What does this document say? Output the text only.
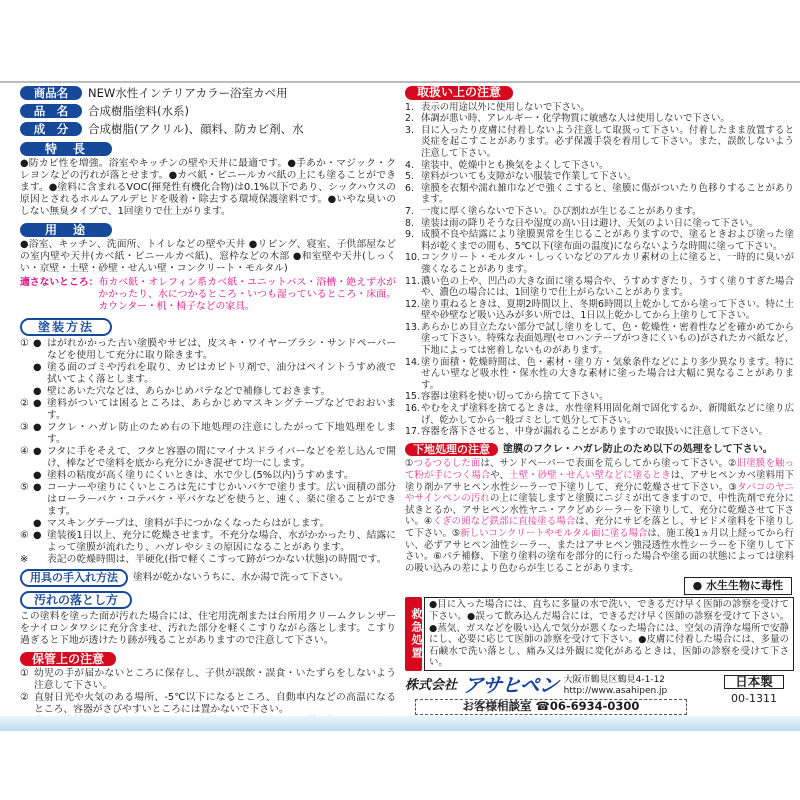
商品名	NEW水性インテリアカラー浴室カベ用
品　名	合成樹脂塗料(水系)
成　分	合成樹脂(アクリル)、顔料、防カビ剤、水
特　長

●防カビ性を増強。浴室やキッチンの壁や天井に最適です。●手あか・マジック・クレヨンなどの汚れが落とせます。●カベ紙・ビニールカベ紙の上にも塗ることができます。●塗料に含まれるVOC(揮発性有機化合物)は0.1%以下であり、シックハウスの原因とされるホルムアルデヒドを吸着・除去する環境保護塗料です。●いやな臭いのしない無臭タイプで、1回塗りで仕上がります。

用　途

●浴室、キッチン、洗面所、トイレなどの壁や天井 ●リビング、寝室、子供部屋などの室内壁や天井(カベ紙・ビニールカベ紙)、窓枠などの木部 ●和室壁や天井(しっくい・京壁・土壁・砂壁・せんい壁・コンクリート・モルタル)

適さないところ： 布カベ紙・オレフィン系カベ紙・ユニットバス・浴槽・絶えず水がかかったり、水につかるところ・いつも湿っているところ・床面。カウンター・机・椅子などの家具。
塗装方法
① ● はがれかかった古い塗膜やサビは、皮スキ・ワイヤーブラシ・サンドペーパーなどを使用して充分に取り除きます。
● 塗る面のゴミや汚れを取り、カビはカビトリ剤で、油分はペイントうすめ液で拭いてよく落とします。
● 壁にあいた穴などは、あらかじめパテなどで補修しておきます。
② ● 塗料がついては困るところは、あらかじめマスキングテープなどでおおいます。
③ ● フクレ・ハガレ防止のため右の下地処理の注意にしたがって下地処理をします。
④ ● フタに手をそえて、フタと容器の間にマイナスドライバーなどを差し込んで開け、棒などで塗料を底から充分にかき混ぜて均一にします。
● 塗料の粘度が高く塗りにくいときは、水で少し(5%以内)うすめます。
⑤ ● コーナーや塗りにくいところは先にすじかいバケで塗ります。広い面積の部分はローラーバケ・コテバケ・平バケなどを使うと、速く、楽に塗ることができます。
● マスキングテープは、塗料が手につかなくなったらはがします。
⑥ ● 塗装後1日以上、充分に乾燥させます。不充分な場合、水がかかったり、結露によって塗膜が流れたり、ハガレやシミの原因になることがあります。
※	表記の乾燥時間は、半硬化(指で軽くこすって跡がつかない状態)の時間です。
用具の手入れ方法	塗料が乾かないうちに、水か湯で洗って下さい。
汚れの落とし方

この塗料を塗った面が汚れた場合には、住宅用洗剤または台所用クリームクレンザーをナイロンタワシに充分含ませ、汚れた部分を軽くこすりながら落とします。こすり過ぎると下地が透けたり跡が残ることがありますので注意して下さい。

保管上の注意
① 幼児の手が届かないところに保存し、子供が誤飲・誤食・いたずらをしないよう注意して下さい。
② 直射日光や火気のある場所、-5℃以下になるところ、自動車内などの高温になるところ、容器がさびやすいところには置かないで下さい。
取扱い上の注意
1. 表示の用途以外に使用しないで下さい。
2. 体調が悪い時、アレルギー・化学物質に敏感な人は使用しないで下さい。
3. 目に入ったり皮膚に付着しないよう注意して取扱って下さい。付着したまま放置すると炎症を起こすことがあります。必ず保護手袋を着用して下さい。また、誤飲しないよう注意して下さい。
4. 塗装中、乾燥中とも換気をよくして下さい。
5. 塗料がついても支障がない服装で作業して下さい。
6. 塗膜を衣類や濡れ雑巾などで強くこすると、塗膜に傷がついたり色移りすることがあります。
7. 一度に厚く塗らないで下さい。ひび割れが生じることがあります。
8. 塗装は雨の降りそうな日や湿度の高い日は避け、天気のよい日に塗って下さい。
9. 成膜不良や結露により塗膜異常を生じることがありますので、塗るときおよび塗った塗料が乾くまでの間も、5℃以下(塗布面の温度)にならないような時間に塗って下さい。
10. コンクリート・モルタル・しっくいなどのアルカリ素材の上に塗ると、一時的に臭いが強くなることがあります。
11. 濃い色の上や、凹凸の大きな面に塗る場合や、うすめすぎたり、うすく塗りすぎた場合や、濃色の場合には、1回塗りで仕上がらないことがあります。
12. 塗り重ねるときは、夏期2時間以上、冬期6時間以上乾かしてから塗って下さい。特に土壁や砂壁など吸い込みが多い所では、1日以上乾かしてから上塗りして下さい。
13. あらかじめ目立たない部分で試し塗りをして、色・乾燥性・密着性などを確かめてから塗って下さい。特殊な表面処理(セロハンテープがつきにくいもの)がされたカベ紙など、下地によっては密着しないものがあります。
14. 塗り面積・乾燥時間は、色・素材・塗り方・気象条件などにより多少異なります。特にせんい壁など吸水性・保水性の大きな素材に塗った場合は大幅に異なることがあります。
15. 容器は塗料を使い切ってから捨てて下さい。
16. やむをえず塗料を捨てるときは、水性塗料用固化剤で固化するか、新聞紙などに塗り広げ、乾かしてから一般ゴミとして処分して下さい。
17. 容器を落下させると、中身が漏れることがありますので取扱いに注意して下さい。
下地処理の注意	塗膜のフクレ・ハガレ防止のため以下の処理をして下さい。

①つるつるした面は、サンドペーパーで表面を荒らしてから塗って下さい。②旧塗膜を触って粉が手につく場合や、土壁・砂壁・せんい壁などに塗るときは、アサヒペンカベ塗料用下塗り剤かアサヒペン水性シーラーで下塗りして、充分に乾燥させて下さい。③タバコのヤニやサインペンの汚れの上に塗装しますと塗膜にニジミが出てきますので、中性洗剤で充分に拭きとるか、アサヒペン水性ヤニ・アクどめシーラーを下塗りして、充分に乾燥させて下さい。④くぎの頭など鉄部に直接塗る場合は、充分にサビを落とし、サビドメ塗料を下塗りして下さい。⑤新しいコンクリートやモルタル面に塗る場合は、施工後1ヵ月以上経ってから行い、必ずアサヒペン油性シーラー、またはアサヒペン強浸透性水性シーラーを下塗りして下さい。⑥パテ補修、下塗り塗料の塗布を部分的に行った場合や塗る面の状態によっては塗料の吸い込みの差により色むらが生じることがあります。

● 水生生物に毒性
救急処置
●目に入った場合には、直ちに多量の水で洗い、できるだけ早く医師の診察を受けて下さい。●誤って飲み込んだ場合には、できるだけ早く医師の診察を受けて下さい。●蒸気、ガスなどを吸い込んで気分が悪くなった場合には、空気の清浄な場所で安静にし、必要に応じて医師の診察を受けて下さい。●皮膚に付着した場合には、多量の石鹸水で洗い落とし、痛み又は外観に変化があるときは、医師の診察を受けて下さい。
株式会社 アサヒペン 大阪市鶴見区鶴見4-1-12
http://www.asahipen.jp
お客様相談室 ☎06-6934-0300
日本製
00-1311
